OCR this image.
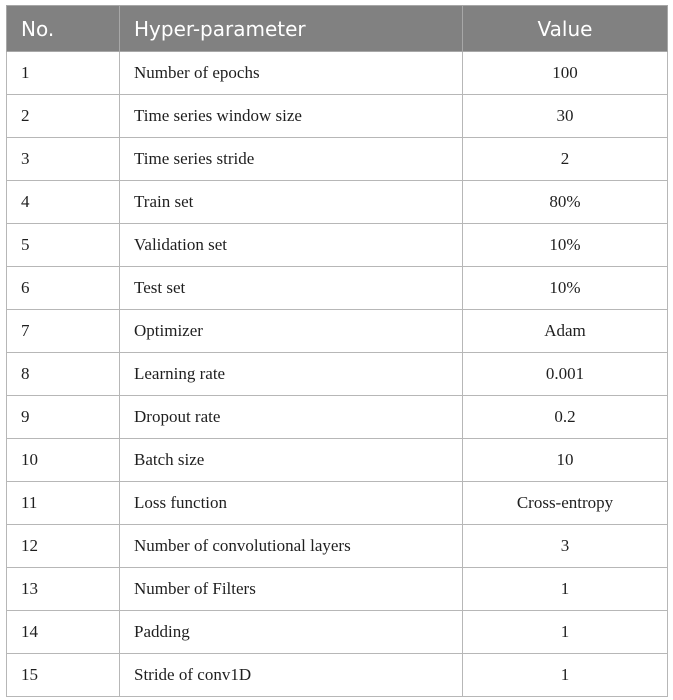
No.	Hyper-parameter	Value
1	Number of epochs	100
2	Time series window size	30
3	Time series stride	2
4	Train set	80%
5	Validation set	10%
6	Test set	10%
7	Optimizer	Adam
8	Learning rate	0.001
9	Dropout rate	0.2
10	Batch size	10
11	Loss function	Cross-entropy
12	Number of convolutional layers	3
13	Number of Filters	1
14	Padding	1
15	Stride of conv1D	1
